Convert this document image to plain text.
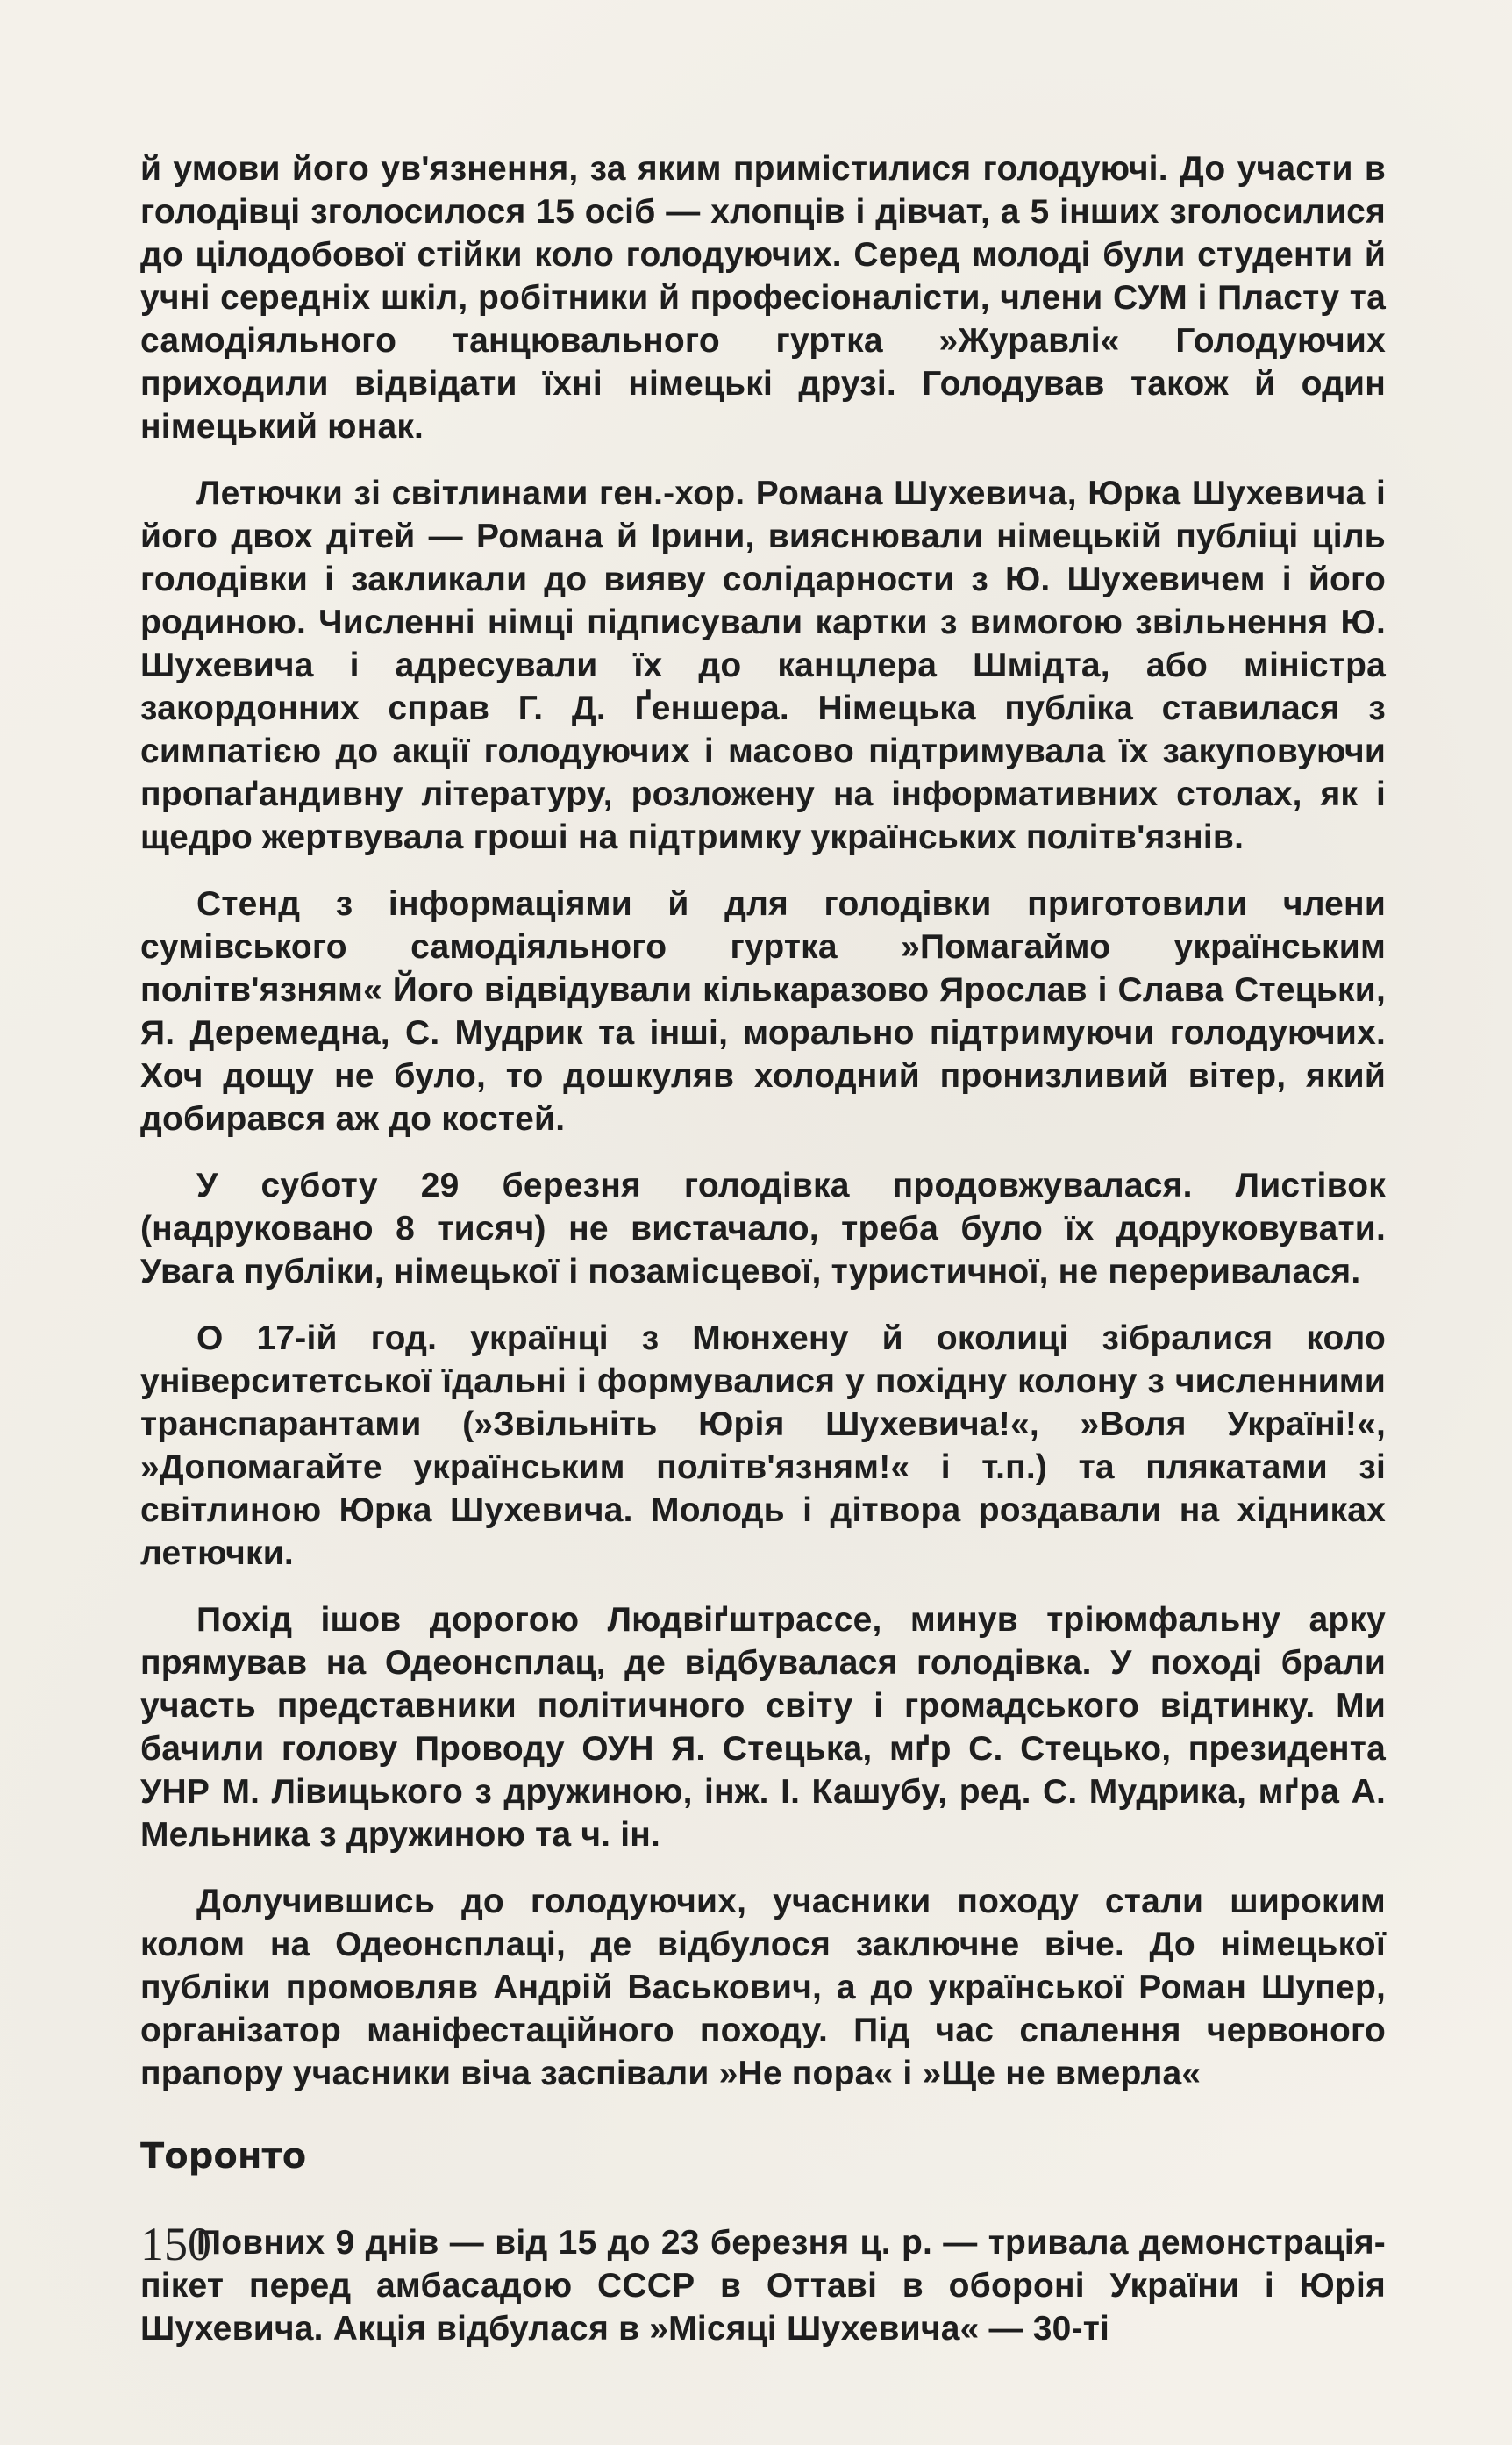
й умови його ув'язнення, за яким примістилися голодуючі. До участи в голодівці зголосилося 15 осіб — хлопців і дівчат, а 5 інших зголосилися до цілодобової стійки коло голодуючих. Серед молоді були студенти й учні середніх шкіл, робітники й професіоналісти, члени СУМ і Пласту та самодіяльного танцювального гуртка »Журавлі« Голодуючих приходили відвідати їхні німецькі друзі. Голодував також й один німецький юнак.

Летючки зі світлинами ген.-хор. Романа Шухевича, Юрка Шухевича і його двох дітей — Романа й Ірини, вияснювали німецькій публіці ціль голодівки і закликали до вияву солідарности з Ю. Шухевичем і його родиною. Численні німці підписували картки з вимогою звільнення Ю. Шухевича і адресували їх до канцлера Шмідта, або міністра закордонних справ Г. Д. Ґеншера. Німецька публіка ставилася з симпатією до акції голодуючих і масово підтримувала їх закуповуючи пропаґандивну літературу, розложену на інформативних столах, як і щедро жертвувала гроші на підтримку українських політв'язнів.

Стенд з інформаціями й для голодівки приготовили члени сумівського самодіяльного гуртка »Помагаймо українським політв'язням« Його відвідували кількаразово Ярослав і Слава Стецьки, Я. Деремедна, С. Мудрик та інші, морально підтримуючи голодуючих. Хоч дощу не було, то дошкуляв холодний пронизливий вітер, який добирався аж до костей.

У суботу 29 березня голодівка продовжувалася. Листівок (надруковано 8 тисяч) не вистачало, треба було їх додруковувати. Увага публіки, німецької і позамісцевої, туристичної, не переривалася.

О 17-ій год. українці з Мюнхену й околиці зібралися коло університетської їдальні і формувалися у похідну колону з численними транспарантами (»Звільніть Юрія Шухевича!«, »Воля Україні!«, »Допомагайте українським політв'язням!« і т.п.) та плякатами зі світлиною Юрка Шухевича. Молодь і дітвора роздавали на хідниках летючки.

Похід ішов дорогою Людвіґштрассе, минув тріюмфальну арку прямував на Одеонсплац, де відбувалася голодівка. У поході брали участь представники політичного світу і громадського відтинку. Ми бачили голову Проводу ОУН Я. Стецька, мґр С. Стецько, президента УНР М. Лівицького з дружиною, інж. І. Кашубу, ред. С. Мудрика, мґра А. Мельника з дружиною та ч. ін.

Долучившись до голодуючих, учасники походу стали широким колом на Одеонсплаці, де відбулося заключне віче. До німецької публіки промовляв Андрій Васькович, а до української Роман Шупер, організатор маніфестаційного походу. Під час спалення червоного прапору учасники віча заспівали »Не пора« і »Ще не вмерла«

Торонто

Повних 9 днів — від 15 до 23 березня ц. р. — тривала демонстрація-пікет перед амбасадою СССР в Оттаві в обороні України і Юрія Шухевича. Акція відбулася в »Місяці Шухевича« — 30-ті

150
